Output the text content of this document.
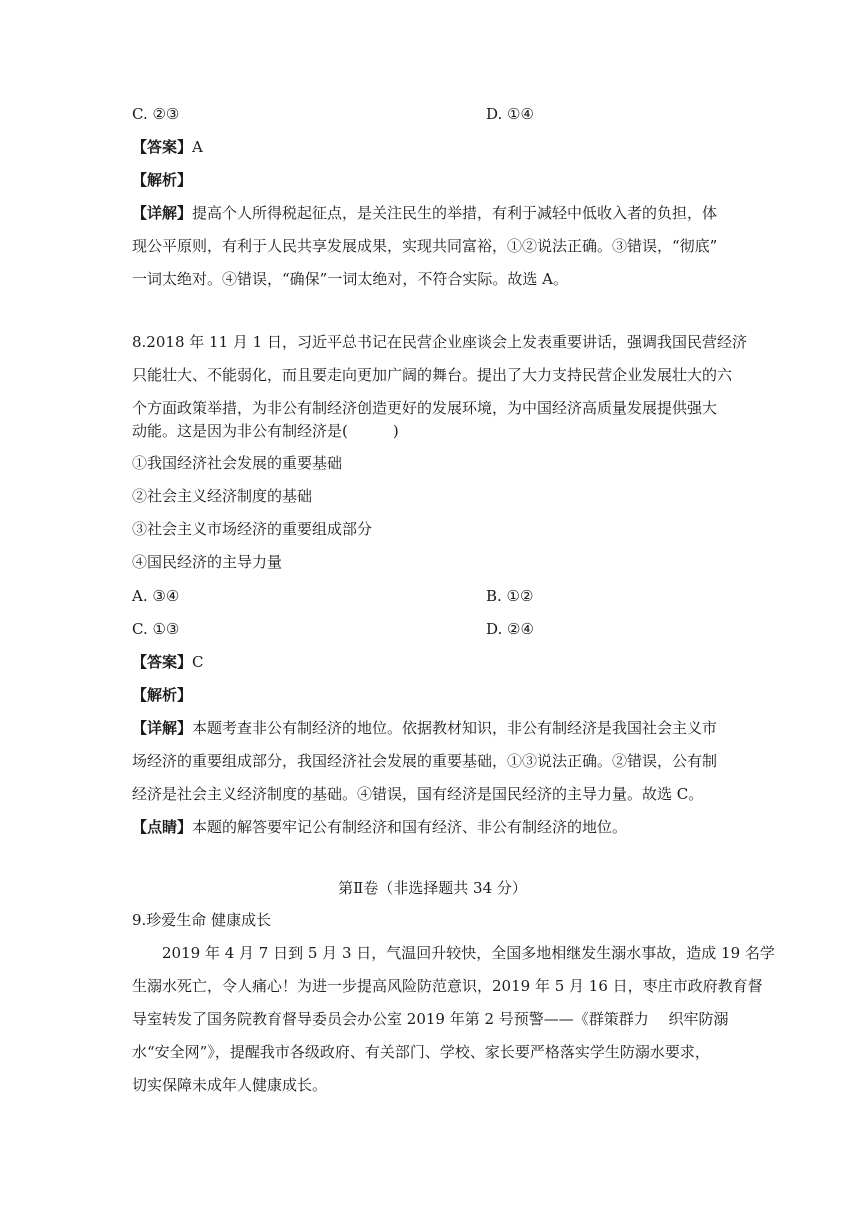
C. ②③	D. ①④
【答案】A
【解析】
【详解】提高个人所得税起征点，是关注民生的举措，有利于减轻中低收入者的负担，体
现公平原则，有利于人民共享发展成果，实现共同富裕，①②说法正确。③错误，“彻底”
一词太绝对。④错误，“确保”一词太绝对，不符合实际。故选 A。
8.2018 年 11 月 1 日，习近平总书记在民营企业座谈会上发表重要讲话，强调我国民营经济
只能壮大、不能弱化，而且要走向更加广阔的舞台。提出了大力支持民营企业发展壮大的六
个方面政策举措，为非公有制经济创造更好的发展环境，为中国经济高质量发展提供强大
动能。这是因为非公有制经济是(　　　)
①我国经济社会发展的重要基础
②社会主义经济制度的基础
③社会主义市场经济的重要组成部分
④国民经济的主导力量
A. ③④	B. ①②
C. ①③	D. ②④
【答案】C
【解析】
【详解】本题考查非公有制经济的地位。依据教材知识，非公有制经济是我国社会主义市
场经济的重要组成部分，我国经济社会发展的重要基础，①③说法正确。②错误，公有制
经济是社会主义经济制度的基础。④错误，国有经济是国民经济的主导力量。故选 C。
【点睛】本题的解答要牢记公有制经济和国有经济、非公有制经济的地位。
第Ⅱ卷（非选择题共 34 分）
9.珍爱生命 健康成长
　　2019 年 4 月 7 日到 5 月 3 日，气温回升较快，全国多地相继发生溺水事故，造成 19 名学
生溺水死亡，令人痛心！为进一步提高风险防范意识，2019 年 5 月 16 日，枣庄市政府教育督
导室转发了国务院教育督导委员会办公室 2019 年第 2 号预警——《群策群力　 织牢防溺
水“安全网”》，提醒我市各级政府、有关部门、学校、家长要严格落实学生防溺水要求，
切实保障未成年人健康成长。
